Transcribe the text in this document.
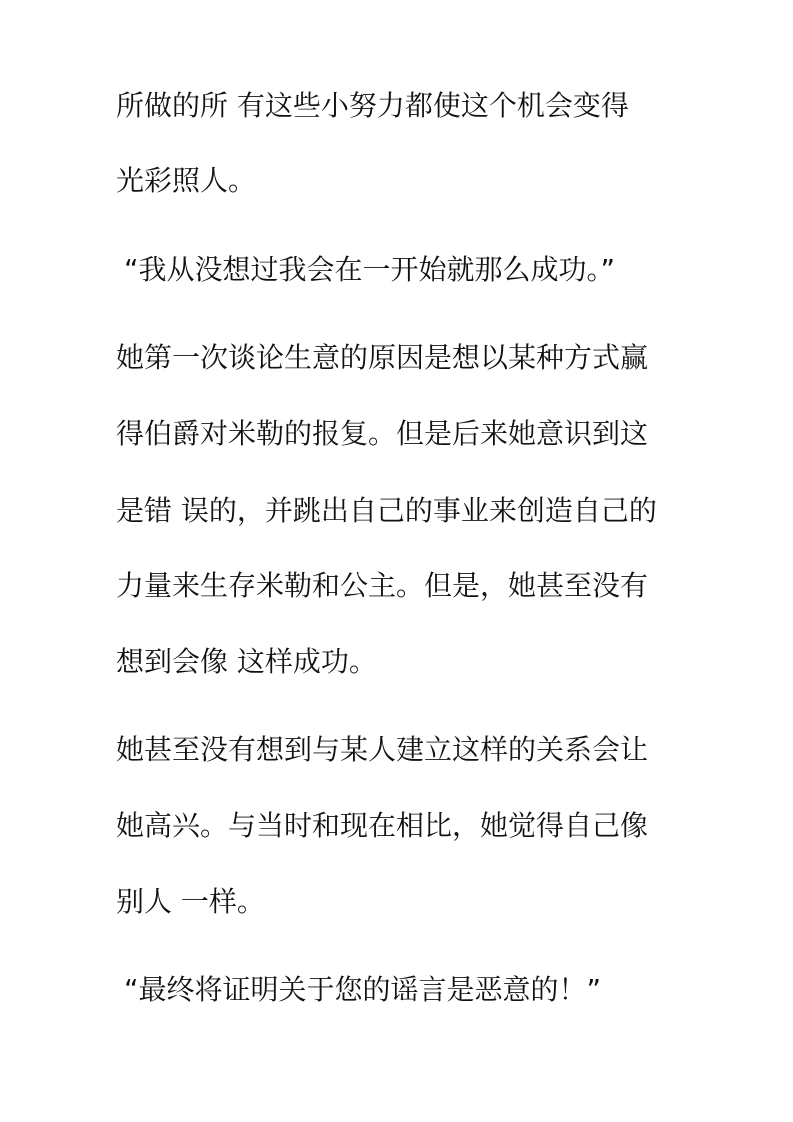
所做的所 有这些小努力都使这个机会变得
光彩照人。
“我从没想过我会在一开始就那么成功。”
她第一次谈论生意的原因是想以某种方式赢
得伯爵对米勒的报复。但是后来她意识到这
是错 误的，并跳出自己的事业来创造自己的
力量来生存米勒和公主。但是，她甚至没有
想到会像 这样成功。
她甚至没有想到与某人建立这样的关系会让
她高兴。与当时和现在相比，她觉得自己像
别人 一样。
“最终将证明关于您的谣言是恶意的！”
